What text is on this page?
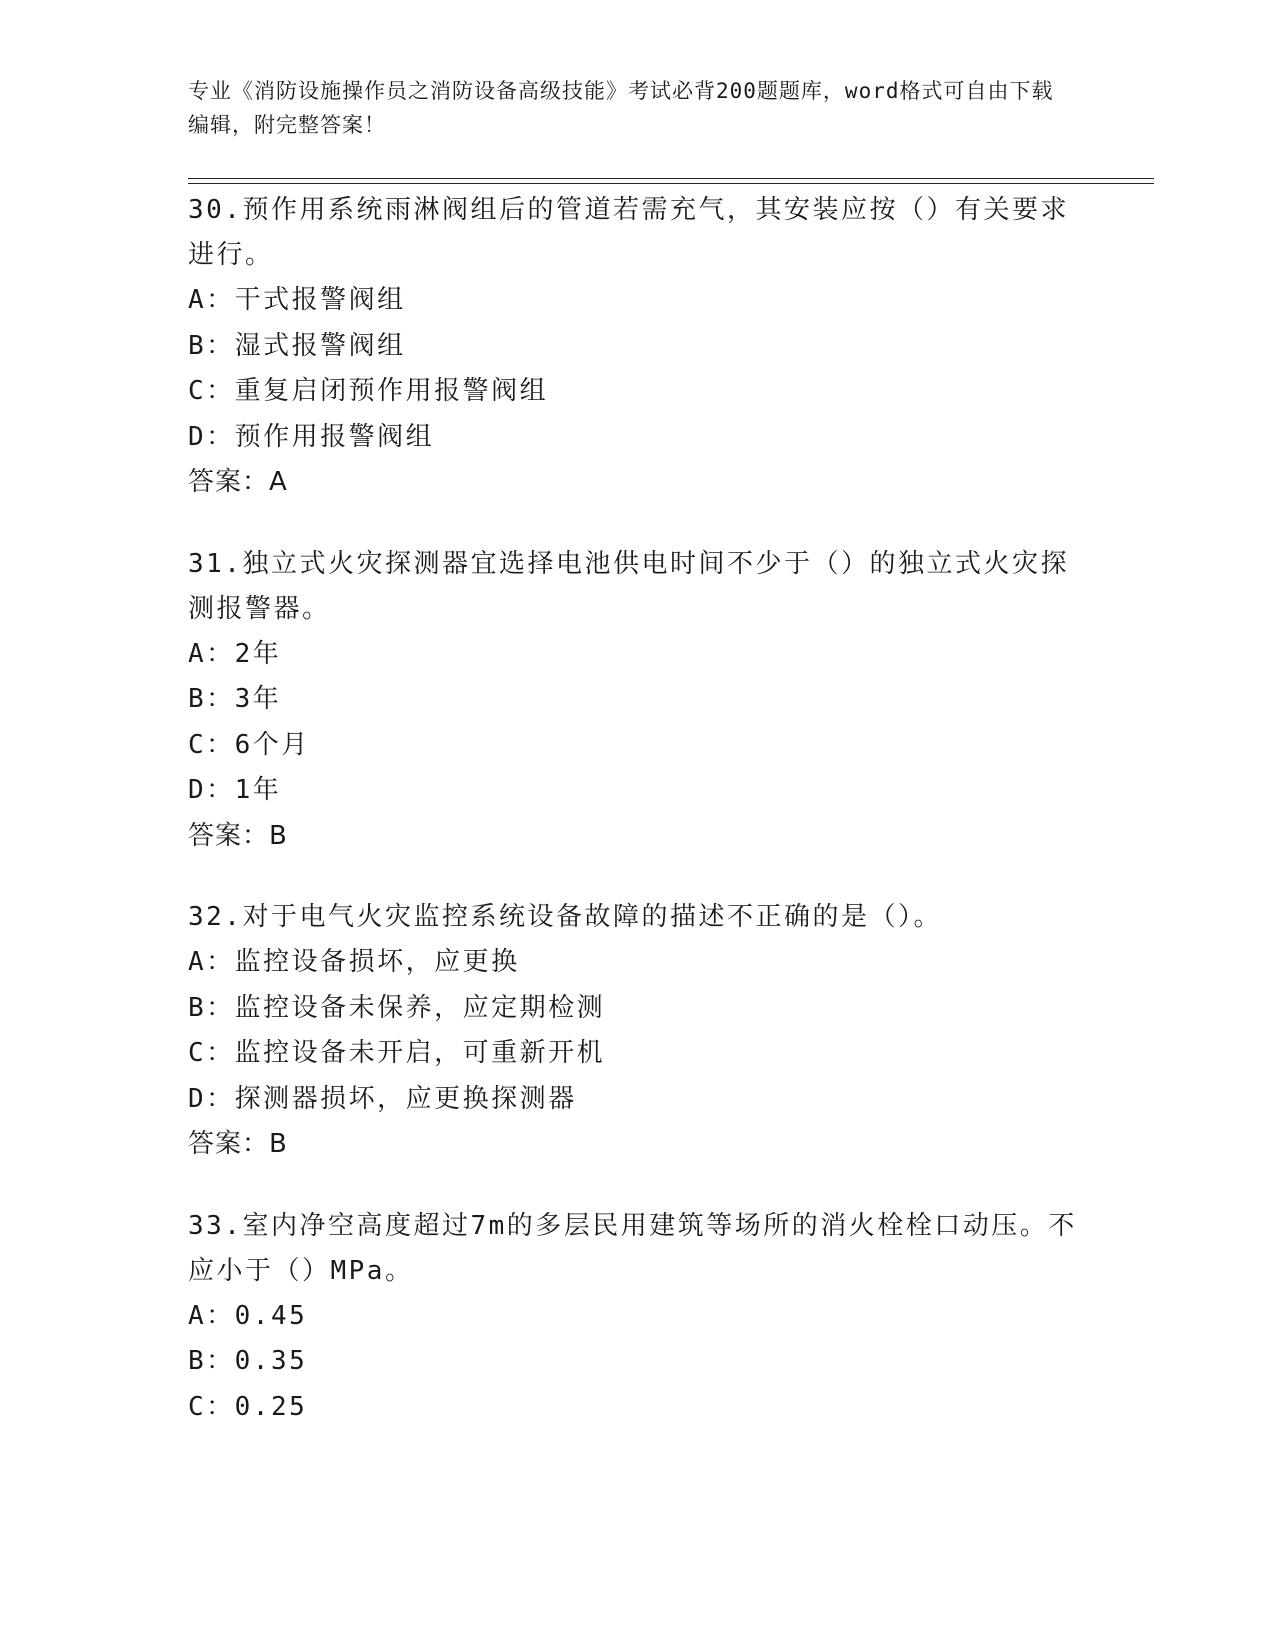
专业《消防设施操作员之消防设备高级技能》考试必背200题题库，word格式可自由下载编辑，附完整答案！

30.预作用系统雨淋阀组后的管道若需充气，其安装应按（）有关要求进行。

A：干式报警阀组

B：湿式报警阀组

C：重复启闭预作用报警阀组

D：预作用报警阀组

答案：A

31.独立式火灾探测器宜选择电池供电时间不少于（）的独立式火灾探测报警器。

A：2年

B：3年

C：6个月

D：1年

答案：B

32.对于电气火灾监控系统设备故障的描述不正确的是（）。

A：监控设备损坏，应更换

B：监控设备未保养，应定期检测

C：监控设备未开启，可重新开机

D：探测器损坏，应更换探测器

答案：B

33.室内净空高度超过7m的多层民用建筑等场所的消火栓栓口动压。不应小于（）MPa。

A：0.45

B：0.35

C：0.25
